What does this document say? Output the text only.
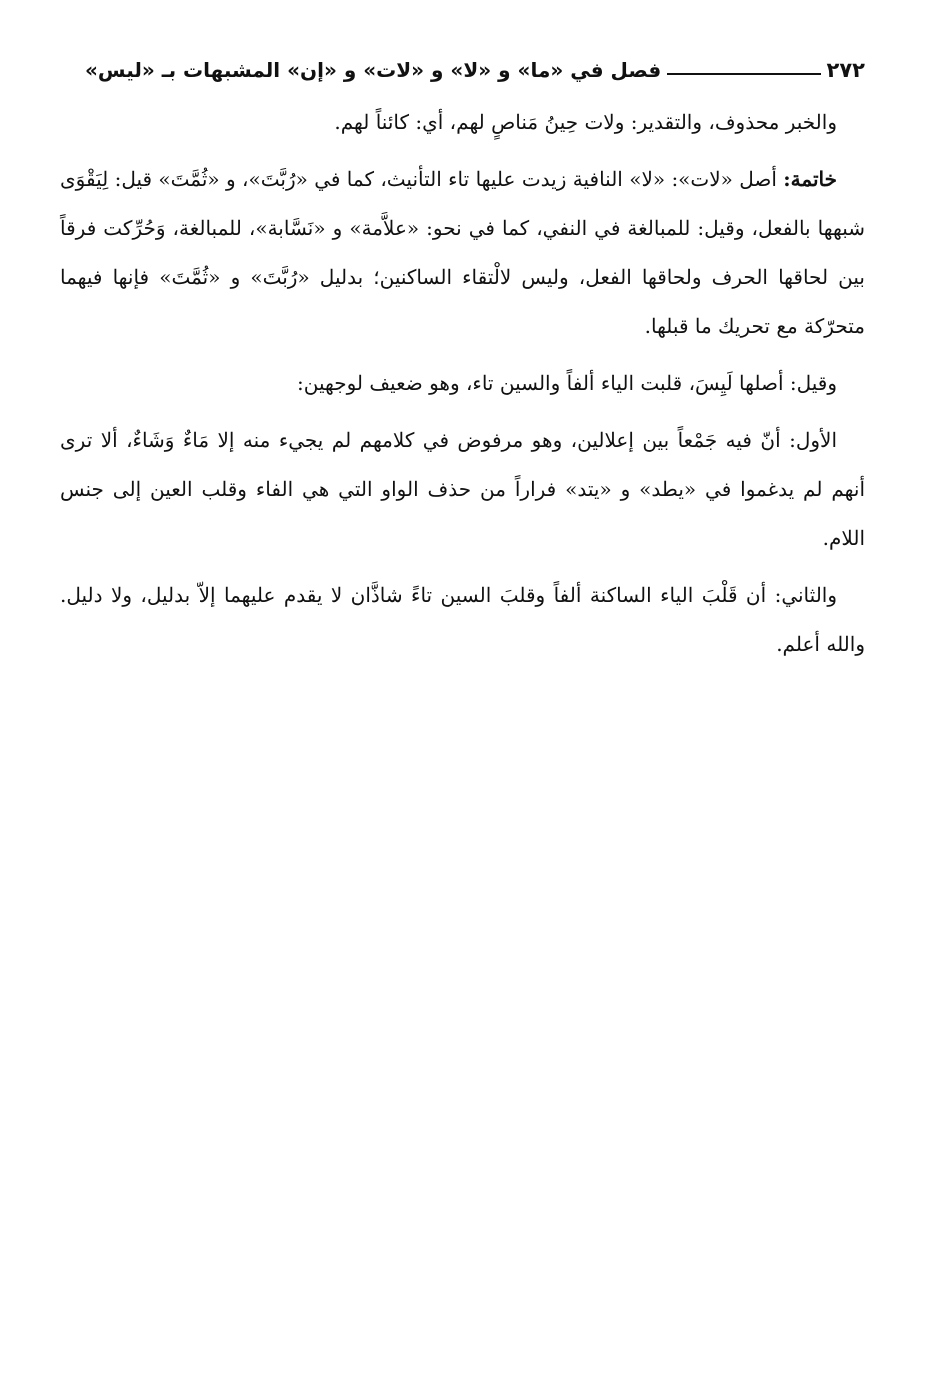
فصل في «ما» و «لا» و «لات» و «إن» المشبهات بـ «ليس»	٢٧٢

والخبر محذوف، والتقدير: ولات حِينُ مَناصٍ لهم، أي: كائناً لهم.

خاتمة: أصل «لات»: «لا» النافية زيدت عليها تاء التأنيث، كما في «رُبَّتَ»، و «ثُمَّتَ» قيل: لِيَقْوَى شبهها بالفعل، وقيل: للمبالغة في النفي، كما في نحو: «علاَّمة» و «نَسَّابة»، للمبالغة، وَحُرِّكت فرقاً بين لحاقها الحرف ولحاقها الفعل، وليس لالْتقاء الساكنين؛ بدليل «رُبَّتَ» و «ثُمَّتَ» فإنها فيهما متحرّكة مع تحريك ما قبلها.

وقيل: أصلها لَيِسَ، قلبت الياء ألفاً والسين تاء، وهو ضعيف لوجهين:

الأول: أنّ فيه جَمْعاً بين إعلالين، وهو مرفوض في كلامهم لم يجيء منه إلا مَاءٌ وَشَاءٌ، ألا ترى أنهم لم يدغموا في «يطد» و «يتد» فراراً من حذف الواو التي هي الفاء وقلب العين إلى جنس اللام.

والثاني: أن قَلْبَ الياء الساكنة ألفاً وقلبَ السين تاءً شاذَّان لا يقدم عليهما إلاّ بدليل، ولا دليل. والله أعلم.
